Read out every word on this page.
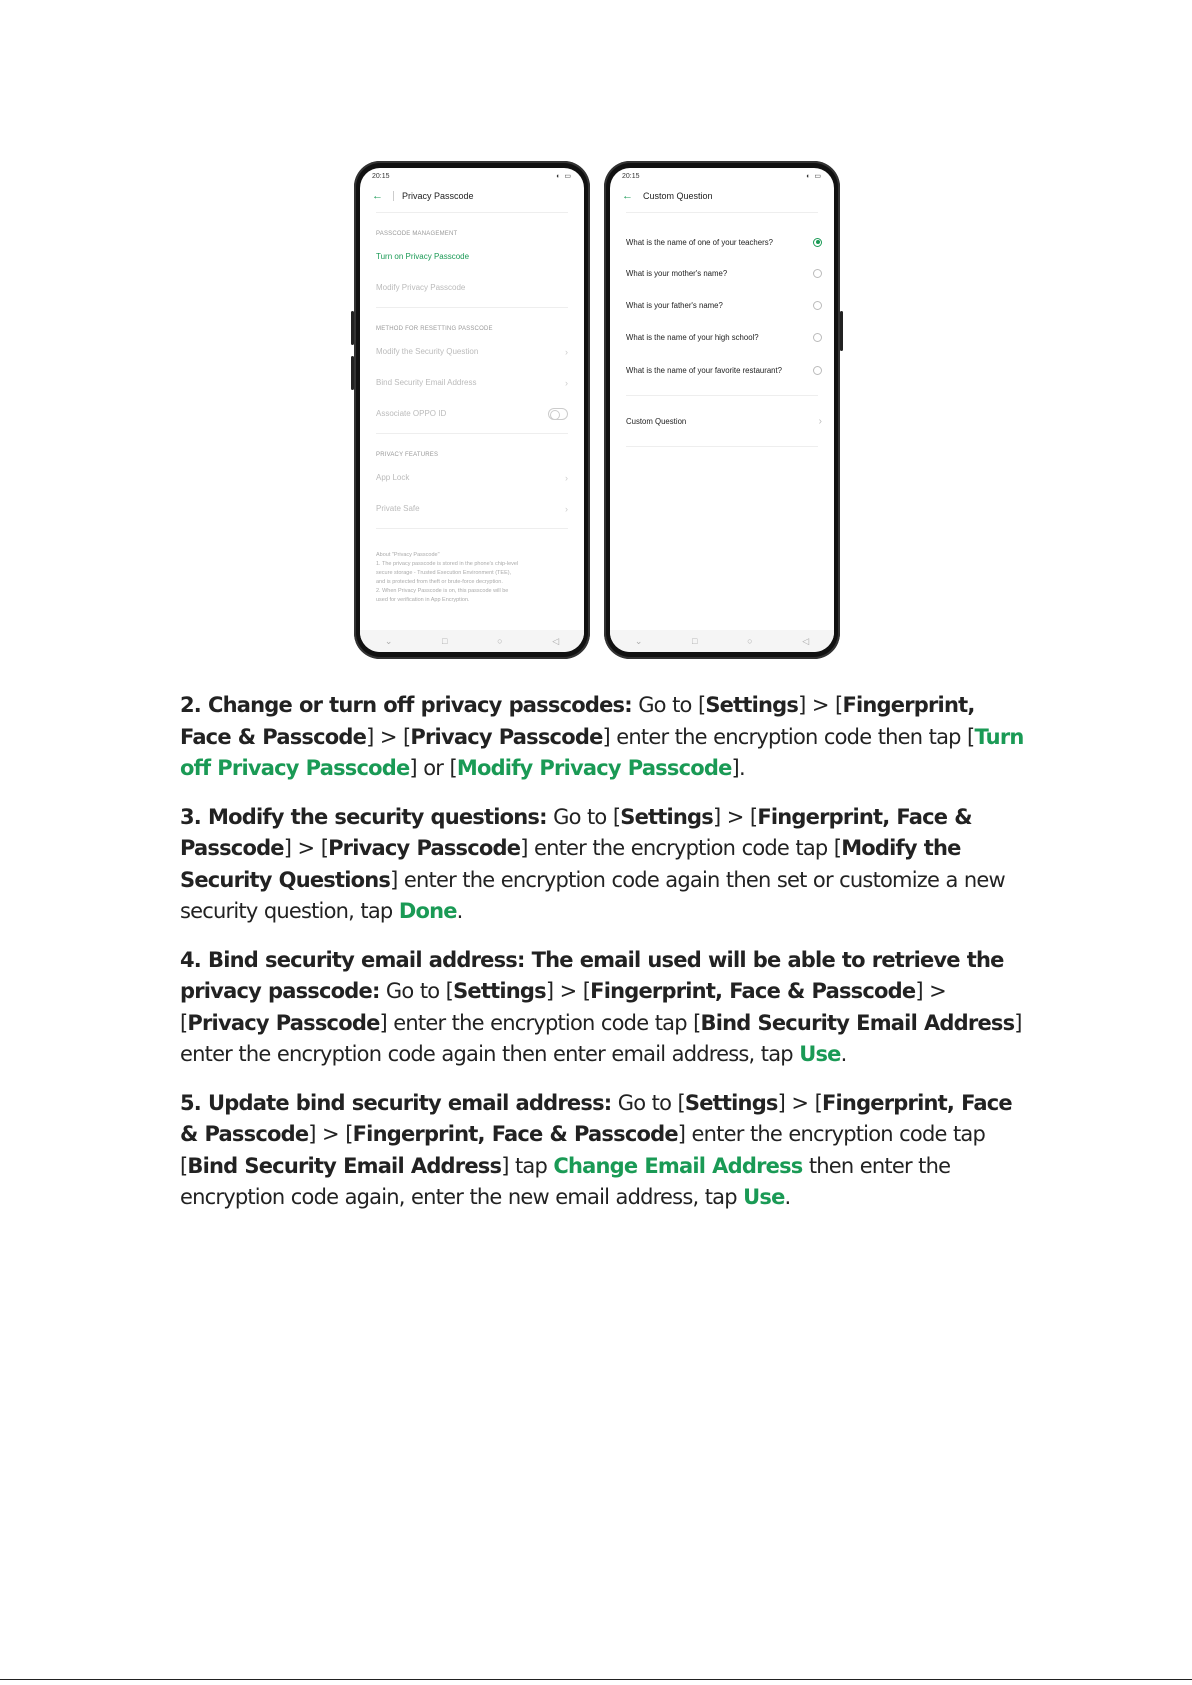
20:15	◐ ▭
← Privacy Passcode
PASSCODE MANAGEMENT
Turn on Privacy Passcode
Modify Privacy Passcode
METHOD FOR RESETTING PASSCODE
Modify the Security Question	›
Bind Security Email Address	›
Associate OPPO ID
PRIVACY FEATURES
App Lock	›
Private Safe	›

About "Privacy Passcode"

1. The privacy passcode is stored in the phone's chip-level

secure storage - Trusted Execution Environment (TEE),

and is protected from theft or brute-force decryption.

2. When Privacy Passcode is on, this passcode will be

used for verification in App Encryption.

⌄	□	○	◁
20:15	◐ ▭
← Custom Question
What is the name of one of your teachers?
What is your mother's name?
What is your father's name?
What is the name of your high school?
What is the name of your favorite restaurant?
Custom Question	›
⌄	□	○	◁

2. Change or turn off privacy passcodes: Go to [Settings] > [Fingerprint, Face & Passcode] > [Privacy Passcode] enter the encryption code then tap [Turn off Privacy Passcode] or [Modify Privacy Passcode].

3. Modify the security questions: Go to [Settings] > [Fingerprint, Face & Passcode] > [Privacy Passcode] enter the encryption code tap [Modify the Security Questions] enter the encryption code again then set or customize a new security question, tap Done.

4. Bind security email address: The email used will be able to retrieve the privacy passcode: Go to [Settings] > [Fingerprint, Face & Passcode] > [Privacy Passcode] enter the encryption code tap [Bind Security Email Address] enter the encryption code again then enter email address, tap Use.

5. Update bind security email address: Go to [Settings] > [Fingerprint, Face & Passcode] > [Fingerprint, Face & Passcode] enter the encryption code tap [Bind Security Email Address] tap Change Email Address then enter the encryption code again, enter the new email address, tap Use.
